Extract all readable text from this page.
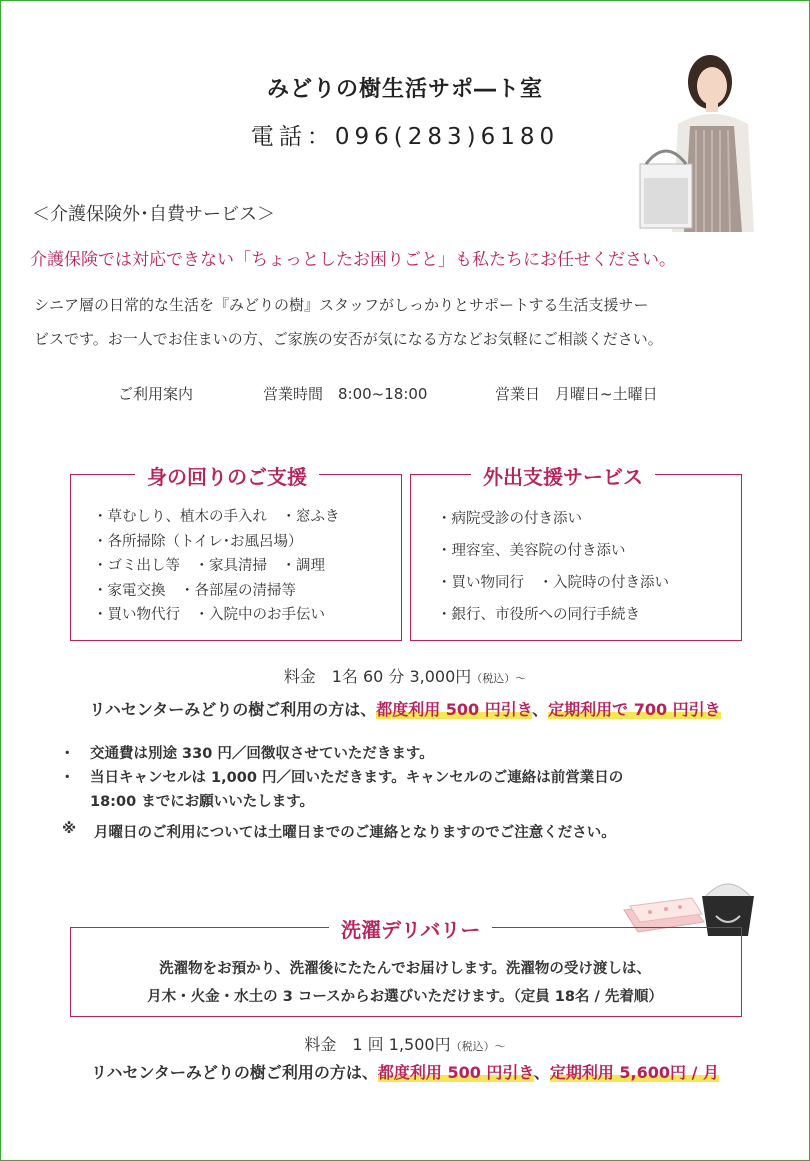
みどりの樹生活サポ―ト室
電話：096(283)6180
＜介護保険外･自費サービス＞
介護保険では対応できない「ちょっとしたお困りごと」も私たちにお任せください。
シニア層の日常的な生活を『みどりの樹』スタッフがしっかりとサポートする生活支援サー
ビスです。お一人でお住まいの方、ご家族の安否が気になる方などお気軽にご相談ください。
ご利用案内	営業時間　8:00~18:00	営業日　月曜日~土曜日
身の回りのご支援
・草むしり、植木の手入れ　・窓ふき
・各所掃除（トイレ･お風呂場）
・ゴミ出し等　・家具清掃　・調理
・家電交換　・各部屋の清掃等
・買い物代行　・入院中のお手伝い
外出支援サービス
・病院受診の付き添い
・理容室、美容院の付き添い
・買い物同行　・入院時の付き添い
・銀行、市役所への同行手続き
料金　1名 60 分 3,000円（税込）～
リハセンターみどりの樹ご利用の方は、都度利用 500 円引き、定期利用で 700 円引き
・ 交通費は別途 330 円／回徴収させていただきます。
・ 当日キャンセルは 1,000 円／回いただきます。キャンセルのご連絡は前営業日の
18:00 までにお願いいたします。
※ 月曜日のご利用については土曜日までのご連絡となりますのでご注意ください。
洗濯デリバリー
洗濯物をお預かり、洗濯後にたたんでお届けします。洗濯物の受け渡しは、
月木・火金・水土の 3 コースからお選びいただけます。（定員 18名 / 先着順）
料金　1 回 1,500円（税込）～
リハセンターみどりの樹ご利用の方は、都度利用 500 円引き、定期利用 5,600円 / 月
